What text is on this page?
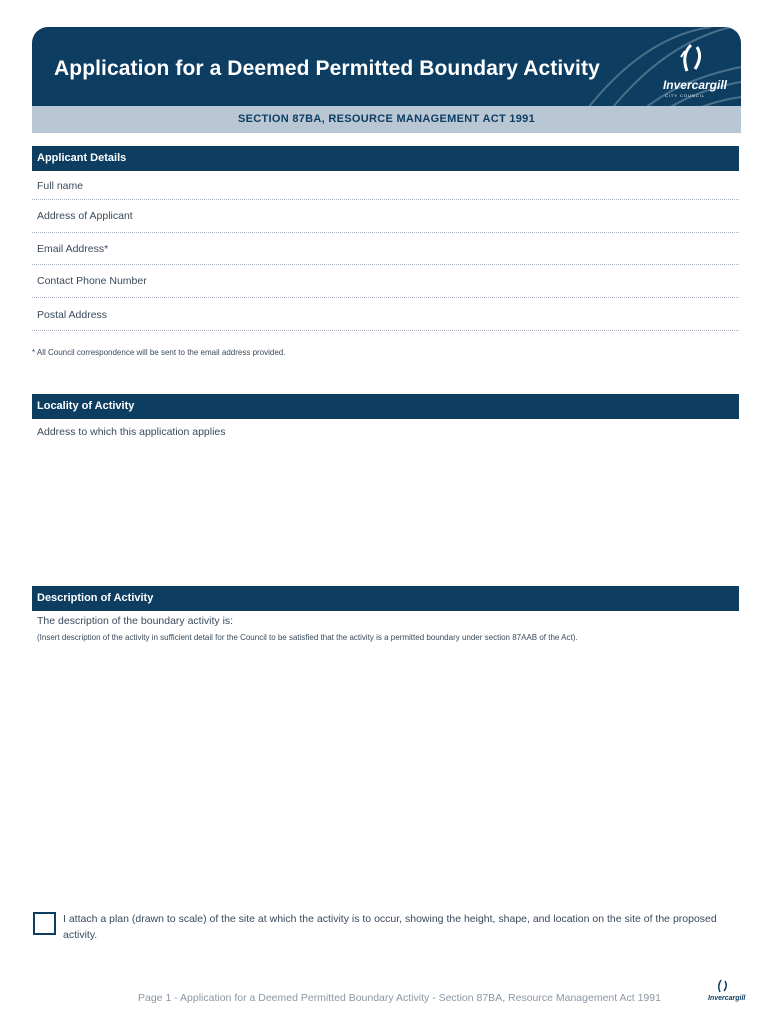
Application for a Deemed Permitted Boundary Activity
Invercargill
CITY COUNCIL
SECTION 87BA, RESOURCE MANAGEMENT ACT 1991
Applicant Details
Full name
Address of Applicant
Email Address*
Contact Phone Number
Postal Address
* All Council correspondence will be sent to the email address provided.
Locality of Activity
Address to which this application applies
Description of Activity
The description of the boundary activity is:
(Insert description of the activity in sufficient detail for the Council to be satisfied that the activity is a permitted boundary under section 87AAB of the Act).
I attach a plan (drawn to scale) of the site at which the activity is to occur, showing the height, shape, and location on the site of the proposed activity.
Page 1 - Application for a Deemed Permitted Boundary Activity - Section 87BA, Resource Management Act 1991	Invercargill
